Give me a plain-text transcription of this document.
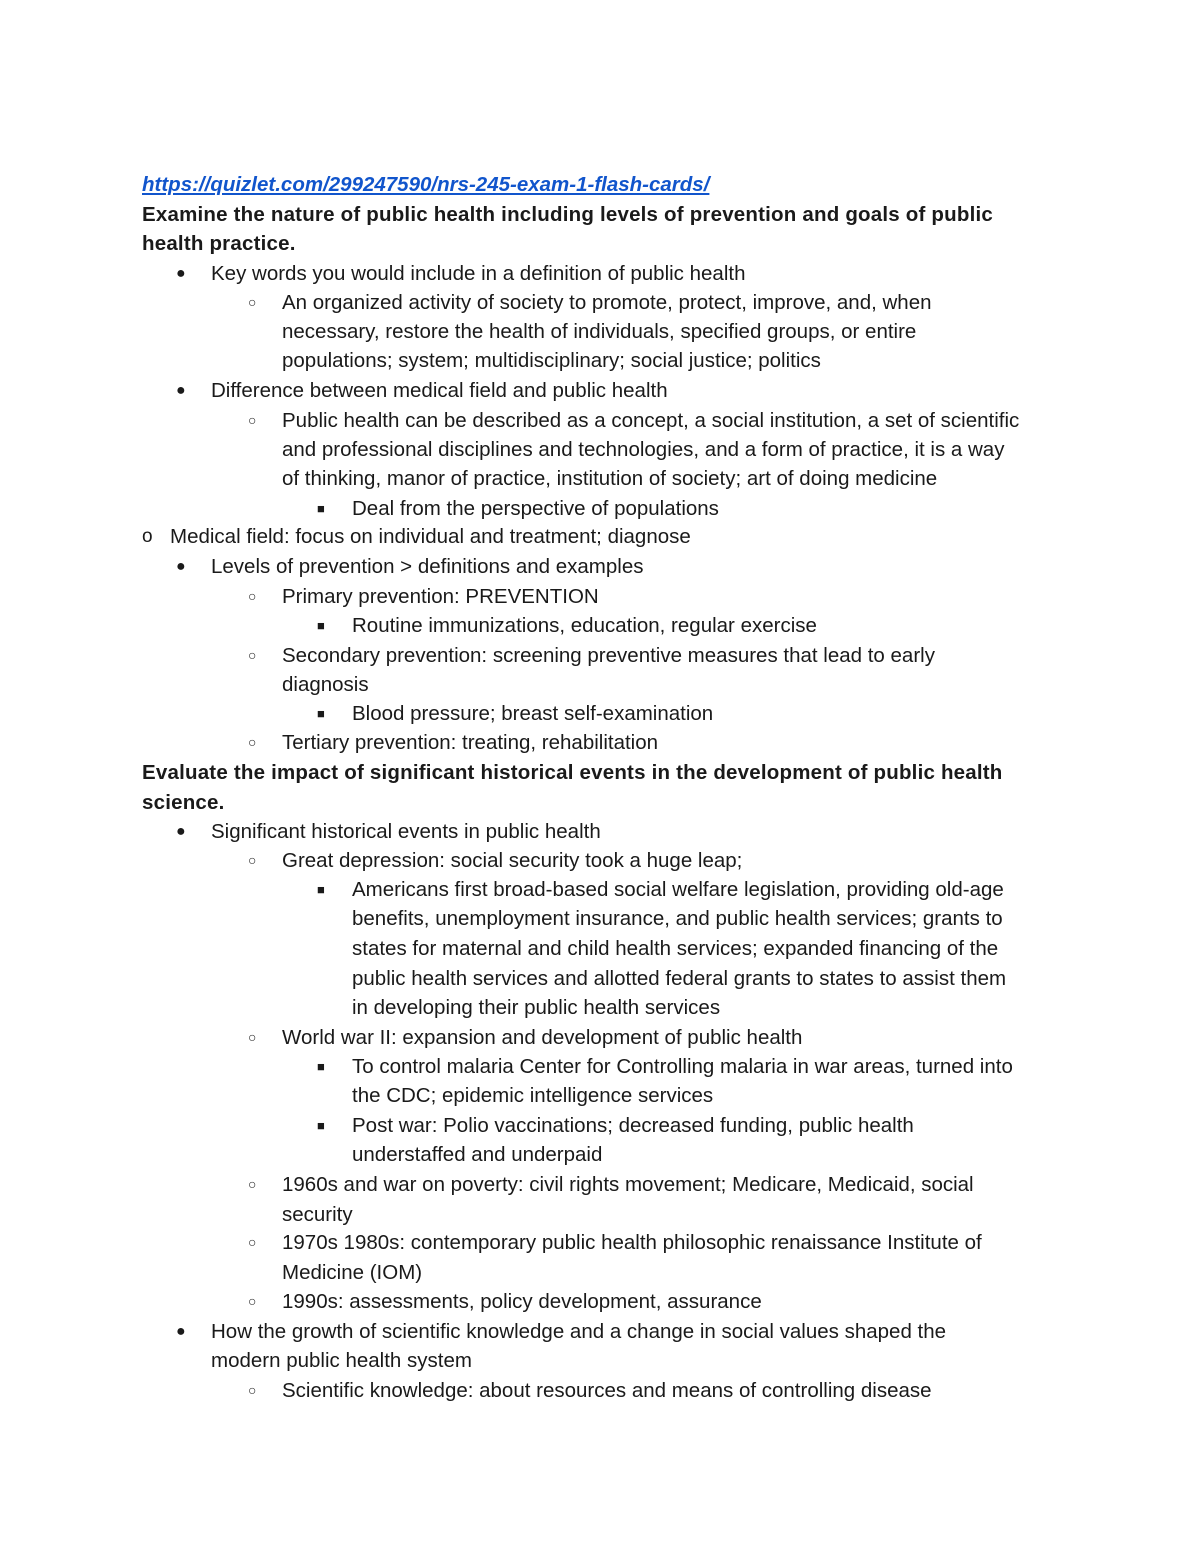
https://quizlet.com/299247590/nrs-245-exam-1-flash-cards/
Examine the nature of public health including levels of prevention and goals of public
health practice.
● Key words you would include in a definition of public health
○ An organized activity of society to promote, protect, improve, and, when
necessary, restore the health of individuals, specified groups, or entire
populations; system; multidisciplinary; social justice; politics
● Difference between medical field and public health
○ Public health can be described as a concept, a social institution, a set of scientific
and professional disciplines and technologies, and a form of practice, it is a way
of thinking, manor of practice, institution of society; art of doing medicine
■ Deal from the perspective of populations
o Medical field: focus on individual and treatment; diagnose
● Levels of prevention > definitions and examples
○ Primary prevention: PREVENTION
■ Routine immunizations, education, regular exercise
○ Secondary prevention: screening preventive measures that lead to early
diagnosis
■ Blood pressure; breast self-examination
○ Tertiary prevention: treating, rehabilitation
Evaluate the impact of significant historical events in the development of public health
science.
● Significant historical events in public health
○ Great depression: social security took a huge leap;
■ Americans first broad-based social welfare legislation, providing old-age
benefits, unemployment insurance, and public health services; grants to
states for maternal and child health services; expanded financing of the
public health services and allotted federal grants to states to assist them
in developing their public health services
○ World war II: expansion and development of public health
■ To control malaria Center for Controlling malaria in war areas, turned into
the CDC; epidemic intelligence services
■ Post war: Polio vaccinations; decreased funding, public health
understaffed and underpaid
○ 1960s and war on poverty: civil rights movement; Medicare, Medicaid, social
security
○ 1970s 1980s: contemporary public health philosophic renaissance Institute of
Medicine (IOM)
○ 1990s: assessments, policy development, assurance
● How the growth of scientific knowledge and a change in social values shaped the
modern public health system
○ Scientific knowledge: about resources and means of controlling disease
